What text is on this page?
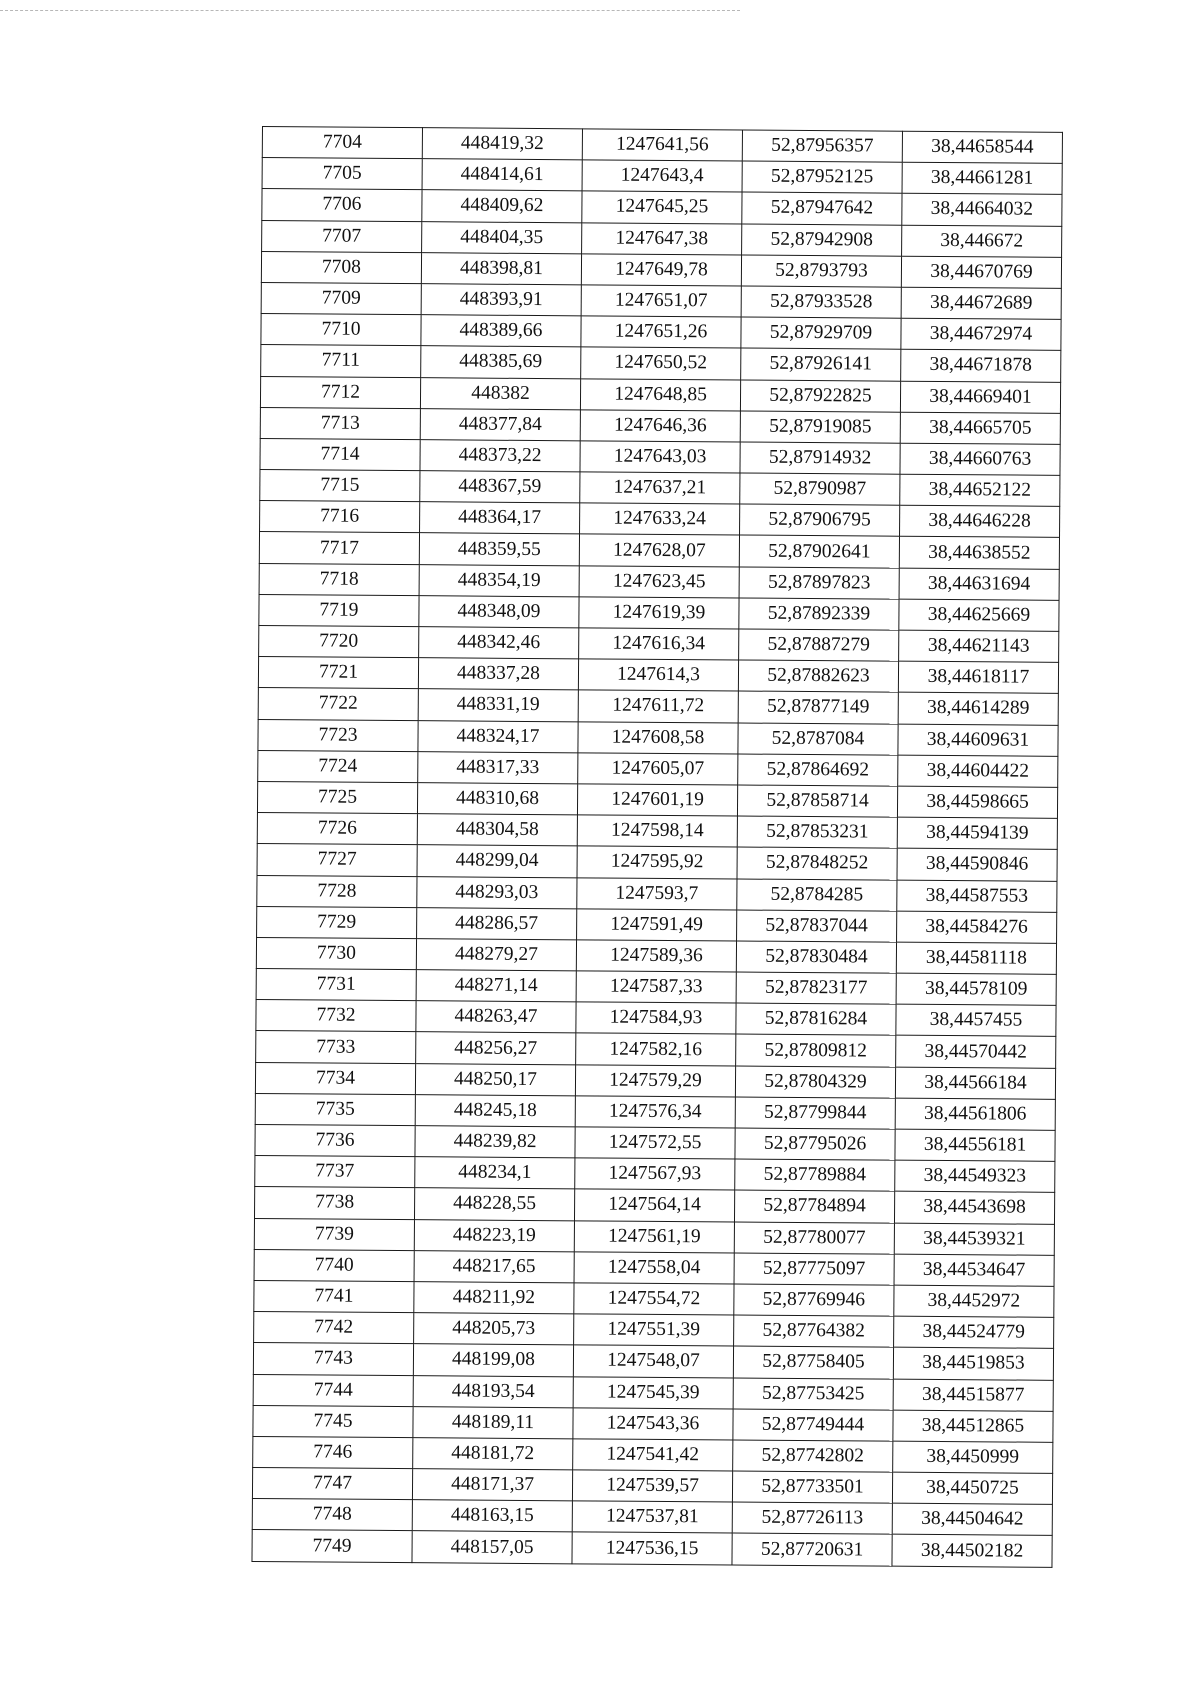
7704	448419,32	1247641,56	52,87956357	38,44658544
7705	448414,61	1247643,4	52,87952125	38,44661281
7706	448409,62	1247645,25	52,87947642	38,44664032
7707	448404,35	1247647,38	52,87942908	38,446672
7708	448398,81	1247649,78	52,8793793	38,44670769
7709	448393,91	1247651,07	52,87933528	38,44672689
7710	448389,66	1247651,26	52,87929709	38,44672974
7711	448385,69	1247650,52	52,87926141	38,44671878
7712	448382	1247648,85	52,87922825	38,44669401
7713	448377,84	1247646,36	52,87919085	38,44665705
7714	448373,22	1247643,03	52,87914932	38,44660763
7715	448367,59	1247637,21	52,8790987	38,44652122
7716	448364,17	1247633,24	52,87906795	38,44646228
7717	448359,55	1247628,07	52,87902641	38,44638552
7718	448354,19	1247623,45	52,87897823	38,44631694
7719	448348,09	1247619,39	52,87892339	38,44625669
7720	448342,46	1247616,34	52,87887279	38,44621143
7721	448337,28	1247614,3	52,87882623	38,44618117
7722	448331,19	1247611,72	52,87877149	38,44614289
7723	448324,17	1247608,58	52,8787084	38,44609631
7724	448317,33	1247605,07	52,87864692	38,44604422
7725	448310,68	1247601,19	52,87858714	38,44598665
7726	448304,58	1247598,14	52,87853231	38,44594139
7727	448299,04	1247595,92	52,87848252	38,44590846
7728	448293,03	1247593,7	52,8784285	38,44587553
7729	448286,57	1247591,49	52,87837044	38,44584276
7730	448279,27	1247589,36	52,87830484	38,44581118
7731	448271,14	1247587,33	52,87823177	38,44578109
7732	448263,47	1247584,93	52,87816284	38,4457455
7733	448256,27	1247582,16	52,87809812	38,44570442
7734	448250,17	1247579,29	52,87804329	38,44566184
7735	448245,18	1247576,34	52,87799844	38,44561806
7736	448239,82	1247572,55	52,87795026	38,44556181
7737	448234,1	1247567,93	52,87789884	38,44549323
7738	448228,55	1247564,14	52,87784894	38,44543698
7739	448223,19	1247561,19	52,87780077	38,44539321
7740	448217,65	1247558,04	52,87775097	38,44534647
7741	448211,92	1247554,72	52,87769946	38,4452972
7742	448205,73	1247551,39	52,87764382	38,44524779
7743	448199,08	1247548,07	52,87758405	38,44519853
7744	448193,54	1247545,39	52,87753425	38,44515877
7745	448189,11	1247543,36	52,87749444	38,44512865
7746	448181,72	1247541,42	52,87742802	38,4450999
7747	448171,37	1247539,57	52,87733501	38,4450725
7748	448163,15	1247537,81	52,87726113	38,44504642
7749	448157,05	1247536,15	52,87720631	38,44502182
